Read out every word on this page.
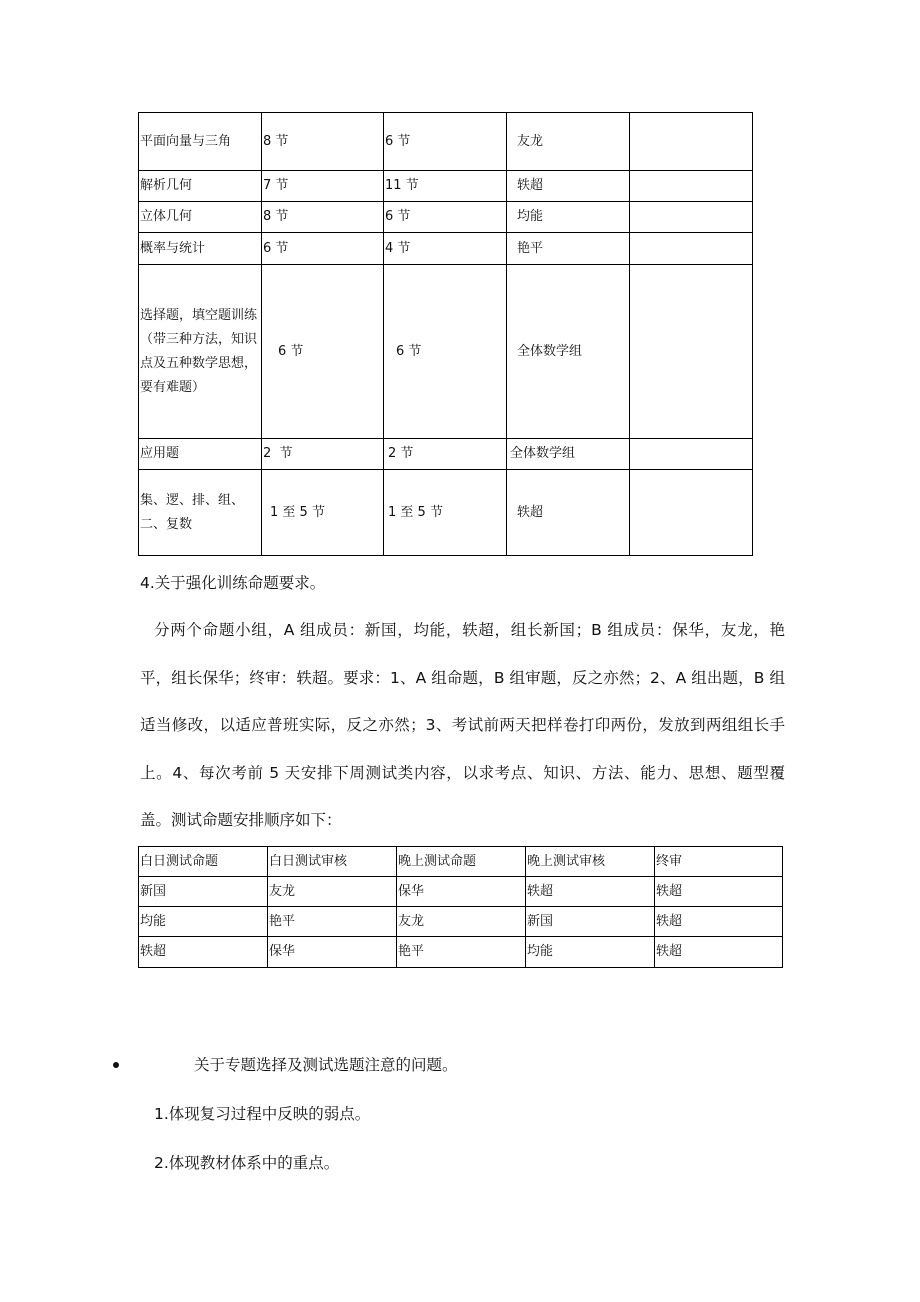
平面向量与三角	8 节	6 节	友龙	
解析几何	7 节	11 节	轶超	
立体几何	8 节	6 节	均能	
概率与统计	6 节	4 节	艳平	
选择题，填空题训练（带三种方法，知识点及五种数学思想，要有难题）	6 节	6 节	全体数学组	
应用题	2  节	2 节	全体数学组	
集、逻、排、组、二、复数	1 至 5 节	1 至 5 节	轶超	

4.关于强化训练命题要求。

分两个命题小组，A 组成员：新国，均能，轶超，组长新国；B 组成员：保华，友龙，艳平，组长保华；终审：轶超。要求：1、A 组命题，B 组审题，反之亦然；2、A 组出题，B 组适当修改，以适应普班实际，反之亦然；3、考试前两天把样卷打印两份，发放到两组组长手上。4、每次考前 5 天安排下周测试类内容，以求考点、知识、方法、能力、思想、题型覆盖。测试命题安排顺序如下：

白日测试命题	白日测试审核	晚上测试命题	晚上测试审核	终审
新国	友龙	保华	轶超	轶超
均能	艳平	友龙	新国	轶超
轶超	保华	艳平	均能	轶超

关于专题选择及测试选题注意的问题。

1.体现复习过程中反映的弱点。

2.体现教材体系中的重点。
